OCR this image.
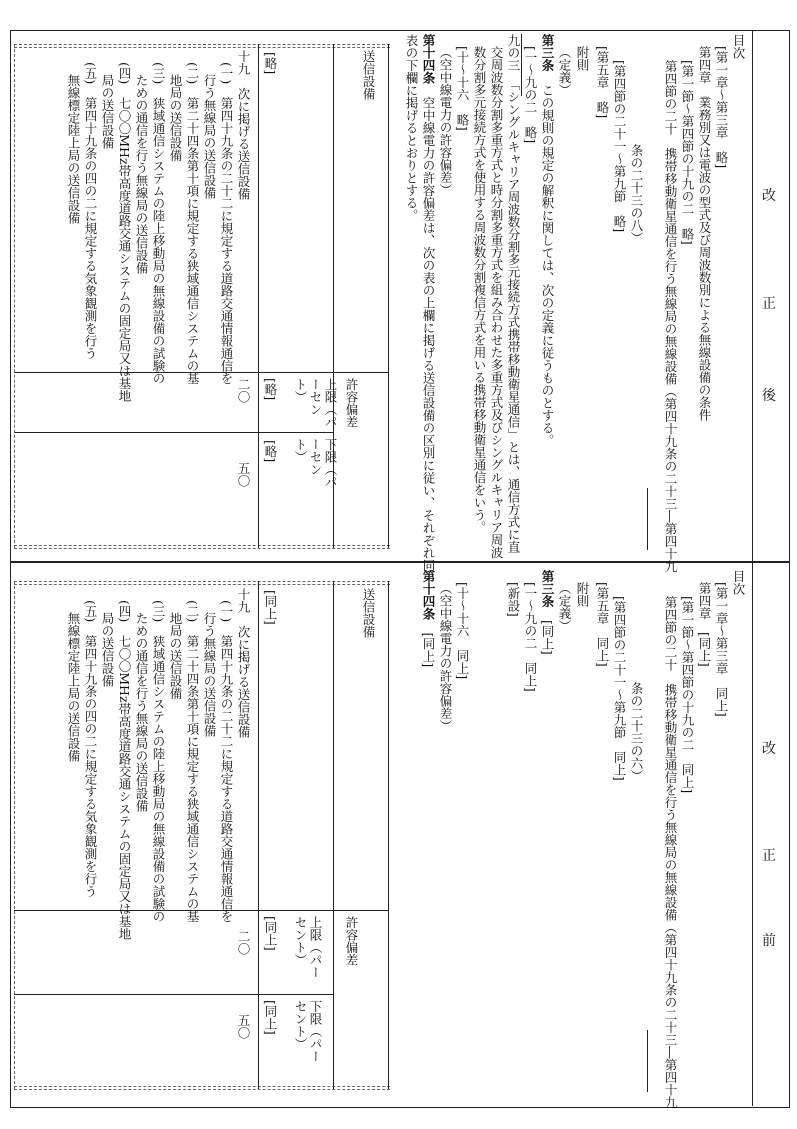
改
正
後
改
正
前
目次
[第一章～第三章　略]
第四章　業務別又は電波の型式及び周波数別による無線設備の条件
[第一節～第四節の十九の二　略]
第四節の二十　携帯移動衛星通信を行う無線局の無線設備（第四十九条の二十三―第四十九
条の二十三の八）
[第四節の二十一～第九節　略]
[第五章　略]
附則
（定義）
第三条　この規則の規定の解釈に関しては、次の定義に従うものとする。
[一～九の二　略]
九の三　「シングルキャリア周波数分割多元接続方式携帯移動衛星通信」とは、通信方式に直
交周波数分割多重方式と時分割多重方式を組み合わせた多重方式及びシングルキャリア周波
数分割多元接続方式を使用する周波数分割複信方式を用いる携帯移動衛星通信をいう。
[十～十六　略]
（空中線電力の許容偏差）
第十四条　空中線電力の許容偏差は、次の表の上欄に掲げる送信設備の区別に従い、それぞれ同
表の下欄に掲げるとおりとする。
送信設備
許容偏差
上限（パーセント）
下限（パーセント）
[略]
[略]
[略]
十九　次に掲げる送信設備
(一)　第四十九条の二十二に規定する道路交通情報通信を
行う無線局の送信設備
(二)　第二十四条第十項に規定する狭域通信システムの基
地局の送信設備
(三)　狭域通信システムの陸上移動局の無線設備の試験の
ための通信を行う無線局の送信設備
(四)　七〇〇MHz帯高度道路交通システムの固定局又は基地
局の送信設備
(五)　第四十九条の四の二に規定する気象観測を行う
無線標定陸上局の送信設備
二〇
五〇
目次
[第一章～第三章　同上]
第四章　[同上]
[第一節～第四節の十九の二　同上]
第四節の二十　携帯移動衛星通信を行う無線局の無線設備（第四十九条の二十三―第四十九
条の二十三の六）
[第四節の二十一～第九節　同上]
[第五章　同上]
附則
（定義）
第三条　[同上]
[一～九の二　同上]
[新設]
[十～十六　同上]
（空中線電力の許容偏差）
第十四条　[同上]
送信設備
許容偏差
上限（パーセント）
下限（パーセント）
[同上]
[同上]
[同上]
十九　次に掲げる送信設備
(一)　第四十九条の二十二に規定する道路交通情報通信を
行う無線局の送信設備
(二)　第二十四条第十項に規定する狭域通信システムの基
地局の送信設備
(三)　狭域通信システムの陸上移動局の無線設備の試験の
ための通信を行う無線局の送信設備
(四)　七〇〇MHz帯高度道路交通システムの固定局又は基地
局の送信設備
(五)　第四十九条の四の二に規定する気象観測を行う
無線標定陸上局の送信設備
二〇
五〇
